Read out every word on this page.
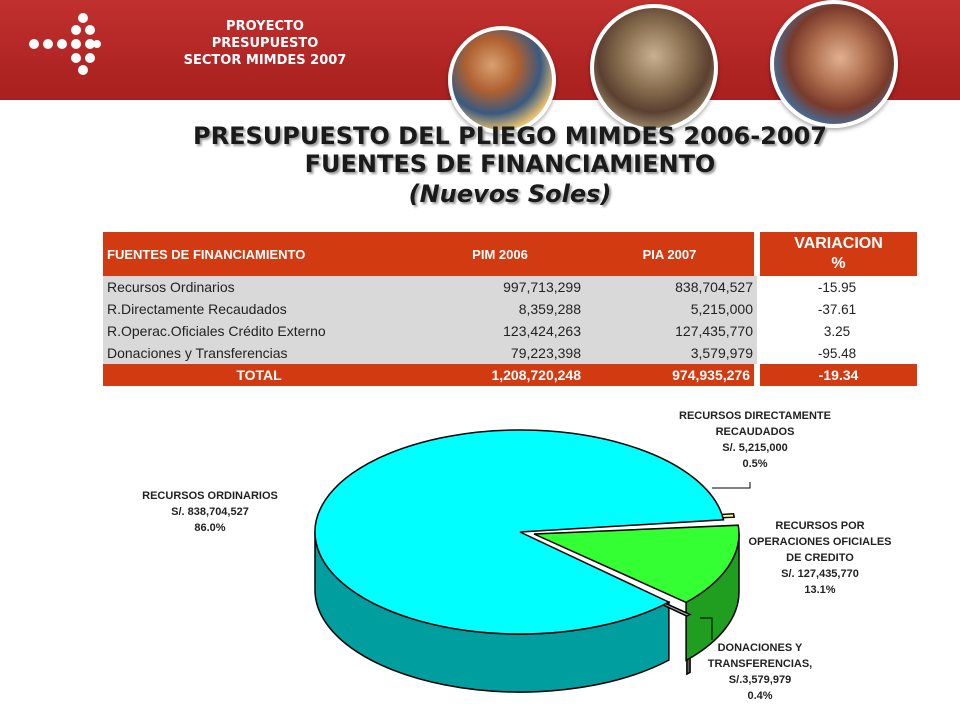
PROYECTO
PRESUPUESTO
SECTOR MIMDES 2007
PRESUPUESTO DEL PLIEGO MIMDES 2006-2007
FUENTES DE FINANCIAMIENTO
(Nuevos Soles)
FUENTES DE FINANCIAMIENTO	PIM 2006	PIA 2007	VARIACION
%

Recursos Ordinarios	997,713,299	838,704,527	-15.95
R.Directamente Recaudados	8,359,288	5,215,000	-37.61
R.Operac.Oficiales Crédito Externo	123,424,263	127,435,770	3.25
Donaciones y Transferencias	79,223,398	3,579,979	-95.48
TOTAL	1,208,720,248	974,935,276	-19.34
RECURSOS ORDINARIOS
S/. 838,704,527
86.0%
RECURSOS DIRECTAMENTE
RECAUDADOS
S/. 5,215,000
0.5%
RECURSOS POR
OPERACIONES OFICIALES
DE CREDITO
S/. 127,435,770
13.1%
DONACIONES Y
TRANSFERENCIAS,
S/.3,579,979
0.4%
